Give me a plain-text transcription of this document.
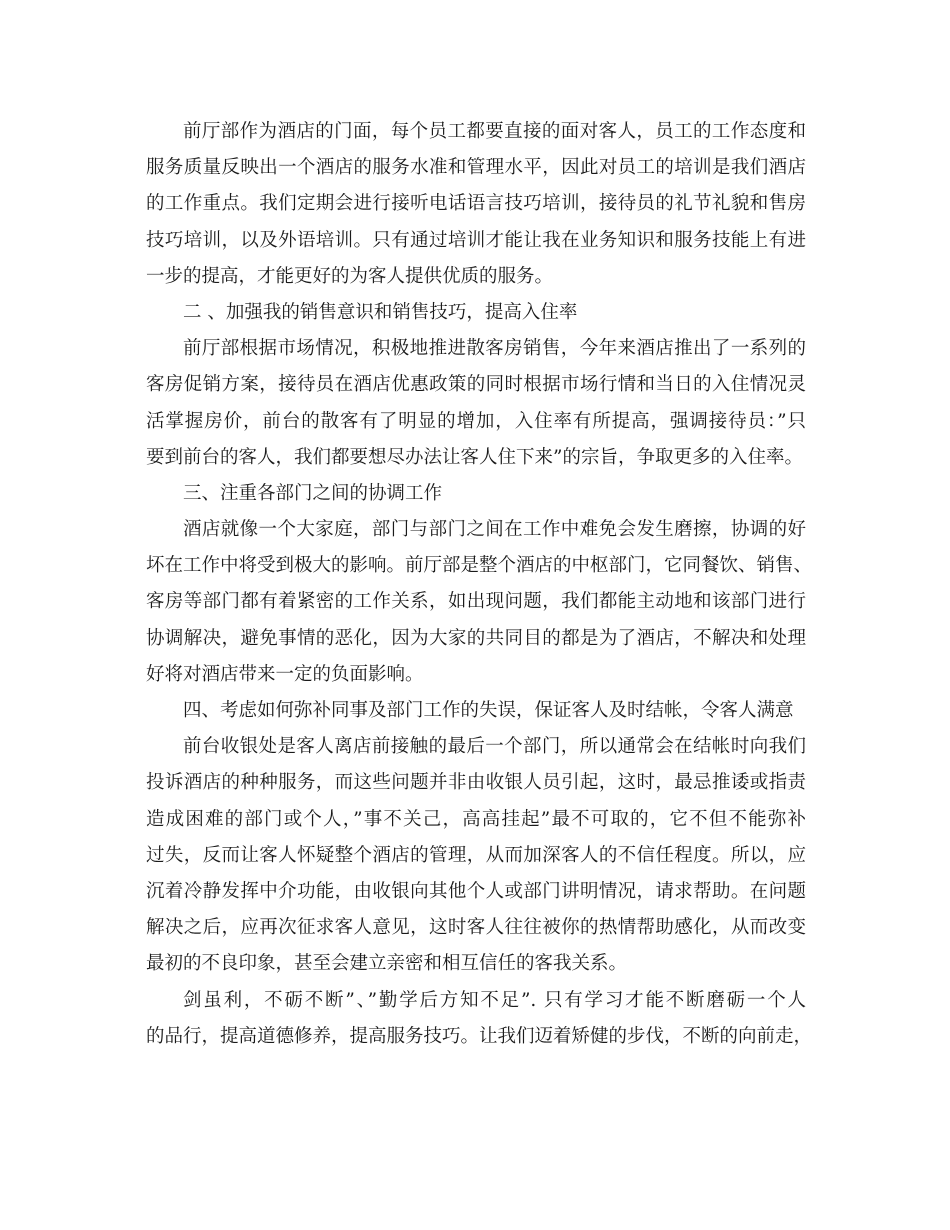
前厅部作为酒店的门面，每个员工都要直接的面对客人，员工的工作态度和
服务质量反映出一个酒店的服务水准和管理水平，因此对员工的培训是我们酒店
的工作重点。我们定期会进行接听电话语言技巧培训，接待员的礼节礼貌和售房
技巧培训，以及外语培训。只有通过培训才能让我在业务知识和服务技能上有进
一步的提高，才能更好的为客人提供优质的服务。
二 、加强我的销售意识和销售技巧，提高入住率
前厅部根据市场情况，积极地推进散客房销售，今年来酒店推出了一系列的
客房促销方案，接待员在酒店优惠政策的同时根据市场行情和当日的入住情况灵
活掌握房价，前台的散客有了明显的增加，入住率有所提高，强调接待员：”只
要到前台的客人，我们都要想尽办法让客人住下来”的宗旨，争取更多的入住率。
三、注重各部门之间的协调工作
酒店就像一个大家庭，部门与部门之间在工作中难免会发生磨擦，协调的好
坏在工作中将受到极大的影响。前厅部是整个酒店的中枢部门，它同餐饮、销售、
客房等部门都有着紧密的工作关系，如出现问题，我们都能主动地和该部门进行
协调解决，避免事情的恶化，因为大家的共同目的都是为了酒店，不解决和处理
好将对酒店带来一定的负面影响。
四、考虑如何弥补同事及部门工作的失误，保证客人及时结帐，令客人满意
前台收银处是客人离店前接触的最后一个部门，所以通常会在结帐时向我们
投诉酒店的种种服务，而这些问题并非由收银人员引起，这时，最忌推诿或指责
造成困难的部门或个人，”事不关己，高高挂起”最不可取的，它不但不能弥补
过失，反而让客人怀疑整个酒店的管理，从而加深客人的不信任程度。所以，应
沉着冷静发挥中介功能，由收银向其他个人或部门讲明情况，请求帮助。在问题
解决之后，应再次征求客人意见，这时客人往往被你的热情帮助感化，从而改变
最初的不良印象，甚至会建立亲密和相互信任的客我关系。
剑虽利，不砺不断”、”勤学后方知不足”. 只有学习才能不断磨砺一个人
的品行，提高道德修养，提高服务技巧。让我们迈着矫健的步伐，不断的向前走，
